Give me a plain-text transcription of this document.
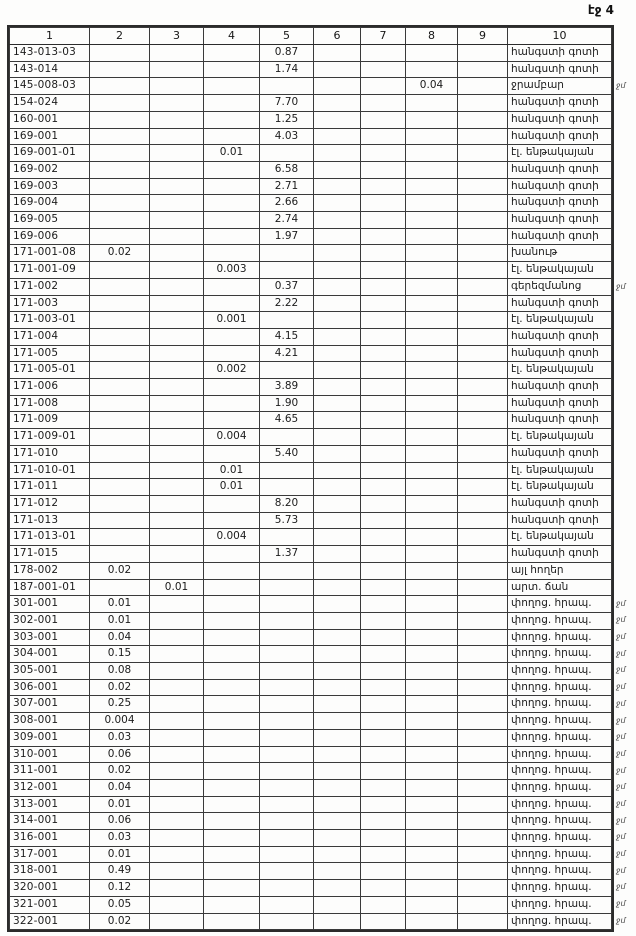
էջ 4
1	2	3	4	5	6	7	8	9	10
143-013-03				0.87					հանգստի գոտի
143-014				1.74					հանգստի գոտի
145-008-03							0.04		ջրամբար
154-024				7.70					հանգստի գոտի
160-001				1.25					հանգստի գոտի
169-001				4.03					հանգստի գոտի
169-001-01			0.01						էլ. ենթակայան
169-002				6.58					հանգստի գոտի
169-003				2.71					հանգստի գոտի
169-004				2.66					հանգստի գոտի
169-005				2.74					հանգստի գոտի
169-006				1.97					հանգստի գոտի
171-001-08	0.02								խանութ
171-001-09			0.003						էլ. ենթակայան
171-002				0.37					գերեզմանոց
171-003				2.22					հանգստի գոտի
171-003-01			0.001						էլ. ենթակայան
171-004				4.15					հանգստի գոտի
171-005				4.21					հանգստի գոտի
171-005-01			0.002						էլ. ենթակայան
171-006				3.89					հանգստի գոտի
171-008				1.90					հանգստի գոտի
171-009				4.65					հանգստի գոտի
171-009-01			0.004						էլ. ենթակայան
171-010				5.40					հանգստի գոտի
171-010-01			0.01						էլ. ենթակայան
171-011			0.01						էլ. ենթակայան
171-012				8.20					հանգստի գոտի
171-013				5.73					հանգստի գոտի
171-013-01			0.004						էլ. ենթակայան
171-015				1.37					հանգստի գոտի
178-002	0.02								այլ հողեր
187-001-01		0.01							արտ. ճան
301-001	0.01								փողոց. հրապ.
302-001	0.01								փողոց. հրապ.
303-001	0.04								փողոց. հրապ.
304-001	0.15								փողոց. հրապ.
305-001	0.08								փողոց. հրապ.
306-001	0.02								փողոց. հրապ.
307-001	0.25								փողոց. հրապ.
308-001	0.004								փողոց. հրապ.
309-001	0.03								փողոց. հրապ.
310-001	0.06								փողոց. հրապ.
311-001	0.02								փողոց. հրապ.
312-001	0.04								փողոց. հրապ.
313-001	0.01								փողոց. հրապ.
314-001	0.06								փողոց. հրապ.
316-001	0.03								փողոց. հրապ.
317-001	0.01								փողոց. հրապ.
318-001	0.49								փողոց. հրապ.
320-001	0.12								փողոց. հրապ.
321-001	0.05								փողոց. հրապ.
322-001	0.02								փողոց. հրապ.
ջմ
ջմ
ջմ
ջմ
ջմ
ջմ
ջմ
ջմ
ջմ
ջմ
ջմ
ջմ
ջմ
ջմ
ջմ
ջմ
ջմ
ջմ
ջմ
ջմ
ջմ
ջմ
